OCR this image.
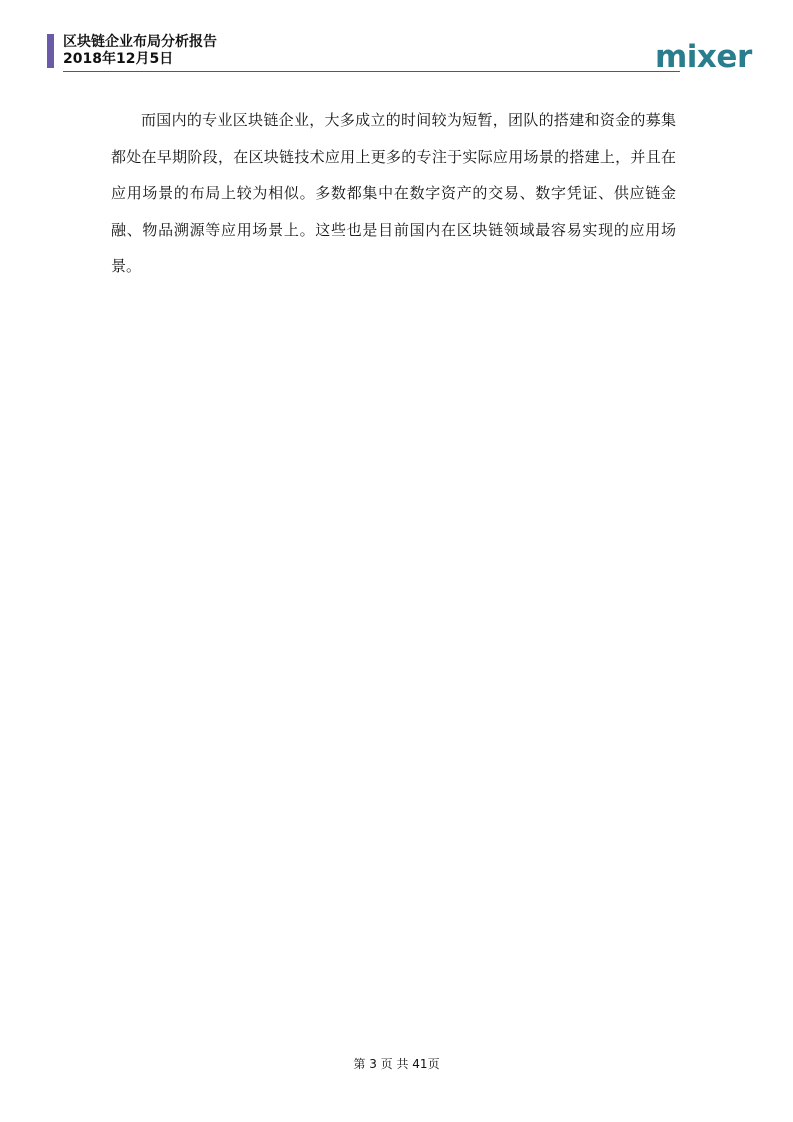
区块链企业布局分析报告
2018年12月5日	mixer

而国内的专业区块链企业，大多成立的时间较为短暂，团队的搭建和资金的募集都处在早期阶段，在区块链技术应用上更多的专注于实际应用场景的搭建上，并且在应用场景的布局上较为相似。多数都集中在数字资产的交易、数字凭证、供应链金融、物品溯源等应用场景上。这些也是目前国内在区块链领域最容易实现的应用场景。

第 3 页 共 41页
